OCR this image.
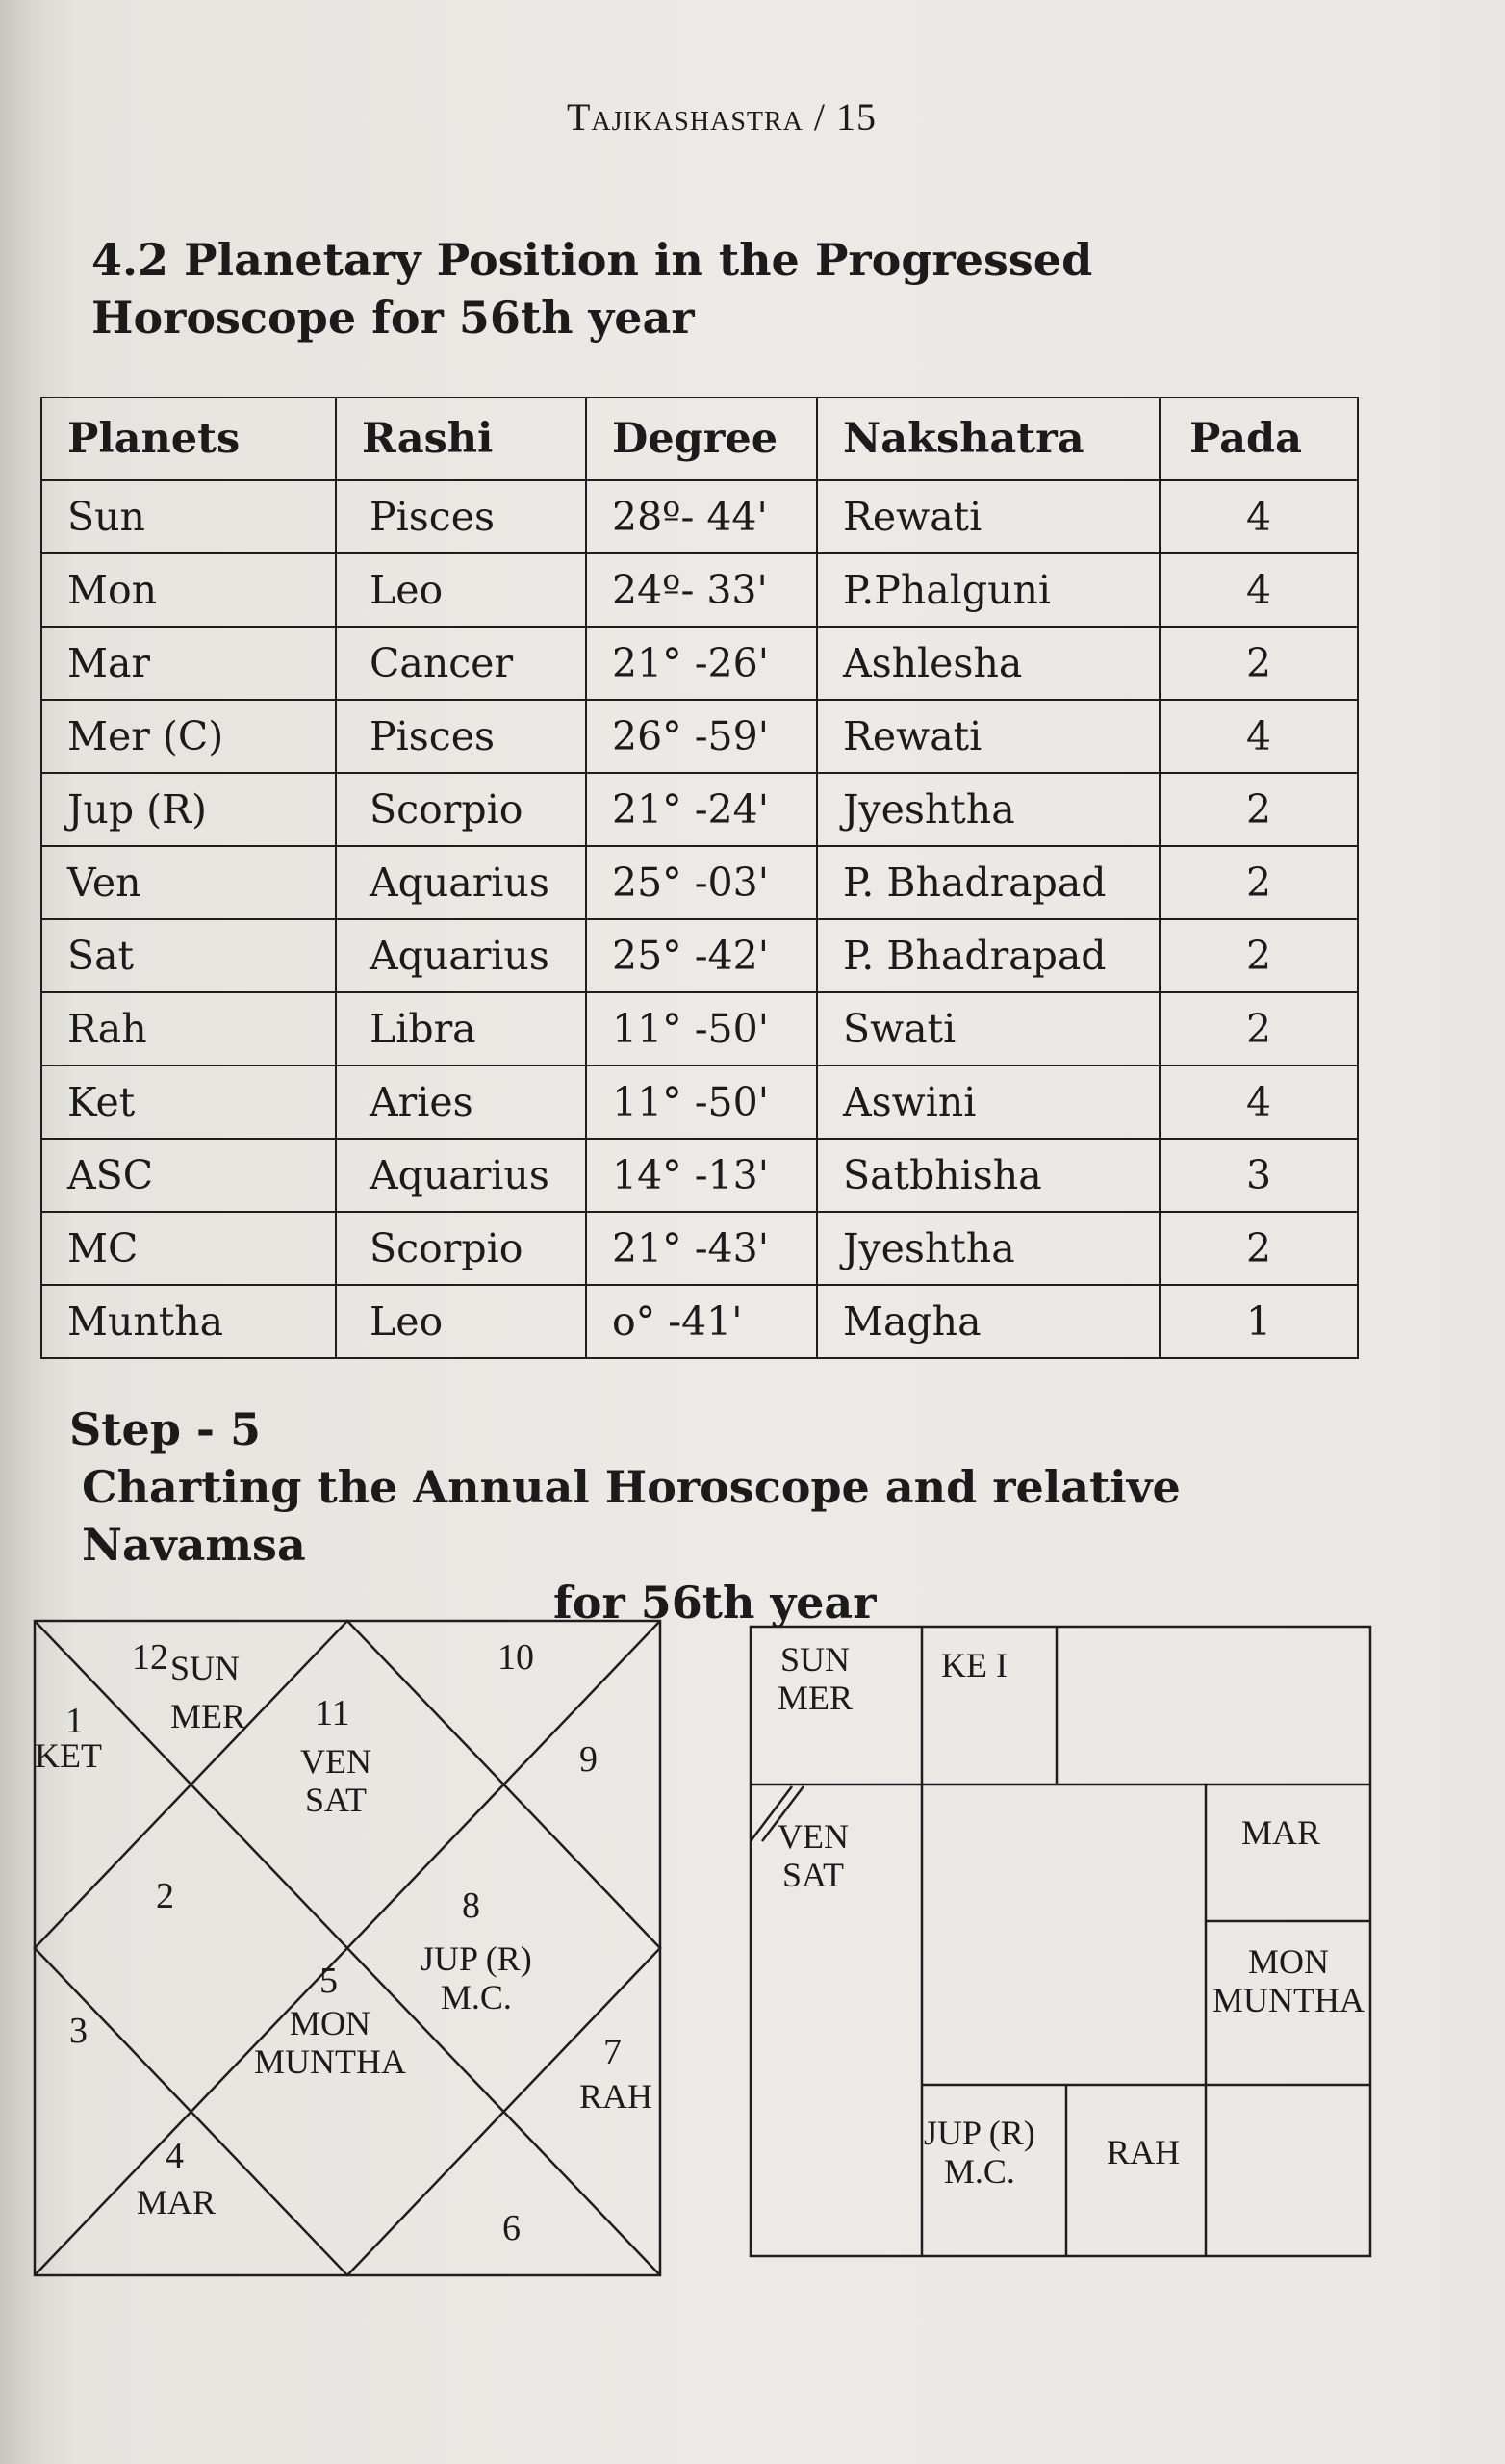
Tajikashastra / 15
4.2 Planetary Position in the Progressed Horoscope for 56th year
Planets	Rashi	Degree	Nakshatra	Pada
Sun	Pisces	28º- 44'	Rewati	4
Mon	Leo	24º- 33'	P.Phalguni	4
Mar	Cancer	21° -26'	Ashlesha	2
Mer (C)	Pisces	26° -59'	Rewati	4
Jup (R)	Scorpio	21° -24'	Jyeshtha	2
Ven	Aquarius	25° -03'	P. Bhadrapad	2
Sat	Aquarius	25° -42'	P. Bhadrapad	2
Rah	Libra	11° -50'	Swati	2
Ket	Aries	11° -50'	Aswini	4
ASC	Aquarius	14° -13'	Satbhisha	3
MC	Scorpio	21° -43'	Jyeshtha	2
Muntha	Leo	o° -41'	Magha	1
Step - 5
Charting the Annual Horoscope and relative Navamsa
for 56th year
12	10
1	11
9
2	8
5
3
7
4
6
SUN
MER
KET	VEN
SAT
JUP (R)
M.C.
MON
MUNTHA
RAH
MAR
SUN
MER
KE I
VEN
SAT
MAR
MON
MUNTHA
JUP (R)
M.C.	RAH
